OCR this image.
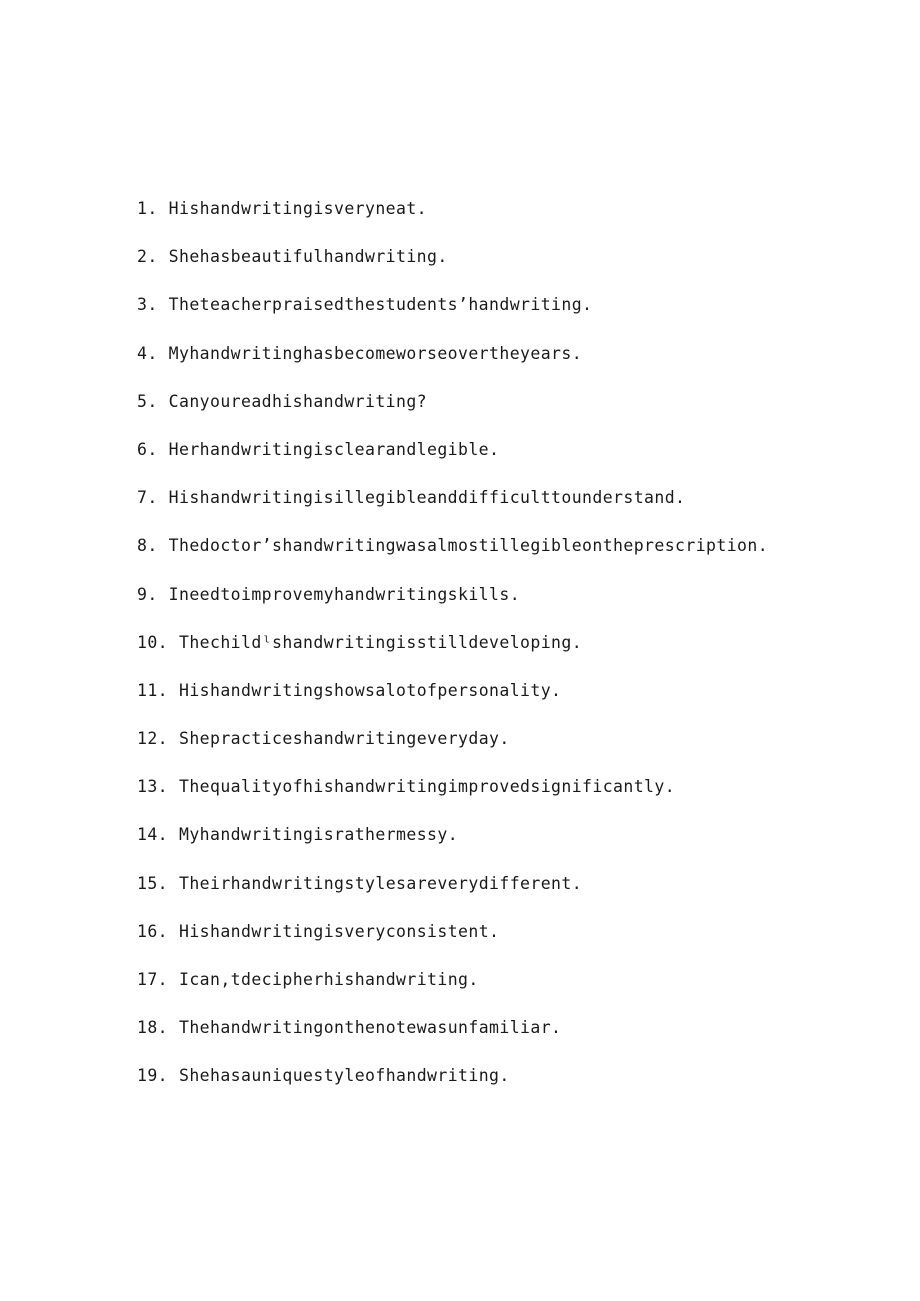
1. Hishandwritingisveryneat.
2. Shehasbeautifulhandwriting.
3. Theteacherpraisedthestudents’handwriting.
4. Myhandwritinghasbecomeworseovertheyears.
5. Canyoureadhishandwriting?
6. Herhandwritingisclearandlegible.
7. Hishandwritingisillegibleanddifficulttounderstand.
8. Thedoctor’shandwritingwasalmostillegibleontheprescription.
9. Ineedtoimprovemyhandwritingskills.
10. Thechildˡshandwritingisstilldeveloping.
11. Hishandwritingshowsalotofpersonality.
12. Shepracticeshandwritingeveryday.
13. Thequalityofhishandwritingimprovedsignificantly.
14. Myhandwritingisrathermessy.
15. Theirhandwritingstylesareverydifferent.
16. Hishandwritingisveryconsistent.
17. Ican‚tdecipherhishandwriting.
18. Thehandwritingonthenotewasunfamiliar.
19. Shehasauniquestyleofhandwriting.
